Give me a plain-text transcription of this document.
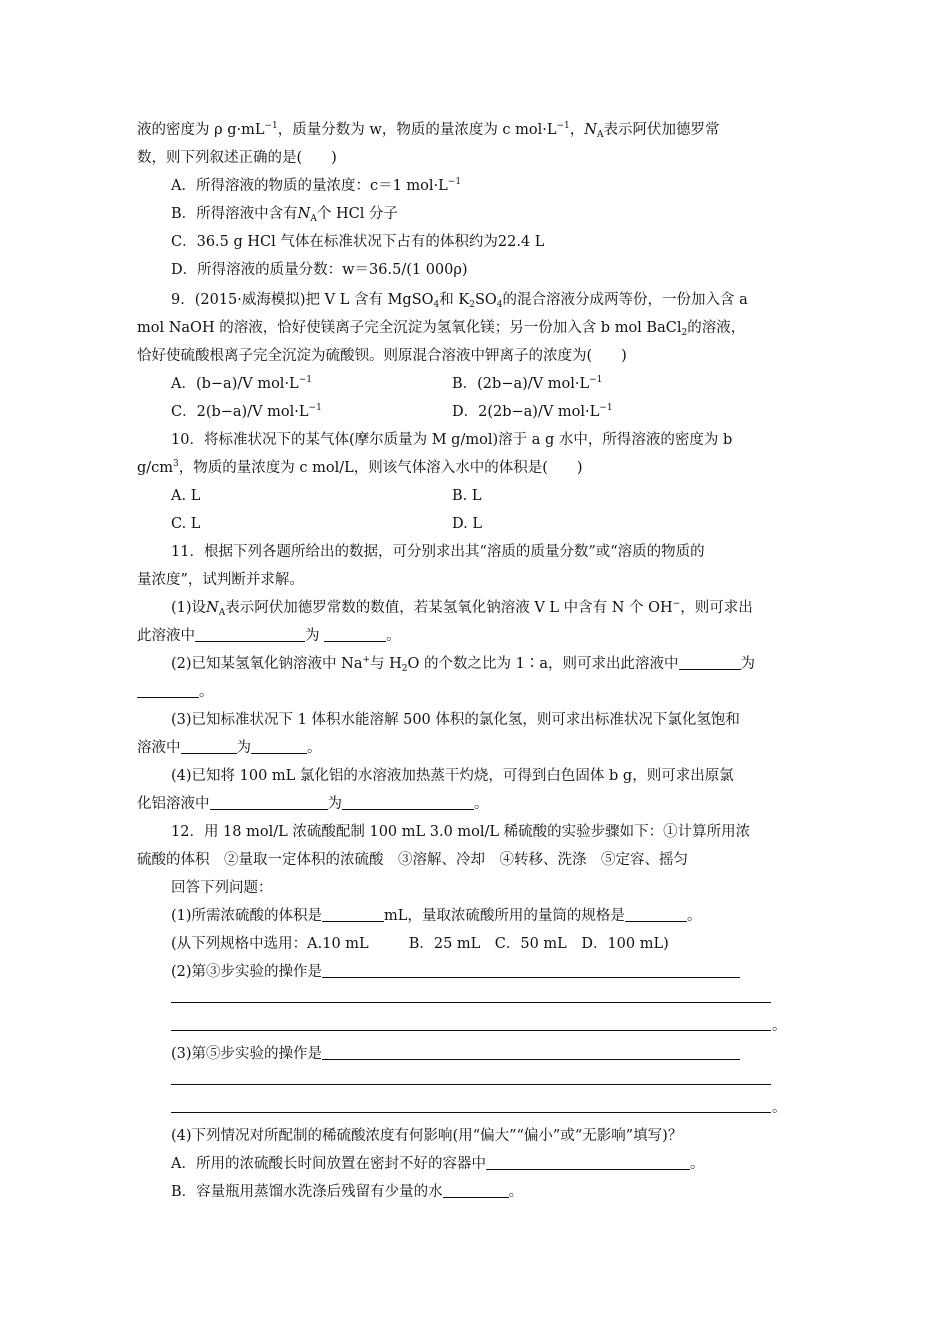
液的密度为 ρ $g\cdot mL^{-1}$，质量分数为 w，物质的量浓度为 c $mol\cdot L^{-1}$，$N_A$表示阿伏加德罗常
数，则下列叙述正确的是(　　)
A．所得溶液的物质的量浓度：c＝1 $mol\cdot L^{-1}$
B．所得溶液中含有$N_A$个 HCl 分子
C．36.5 g HCl 气体在标准状况下占有的体积约为22.4 L
D．所得溶液的质量分数：w＝36.5/(1 000ρ)
9．(2015·威海模拟)把 V L 含有 MgSO$_4$和 $K_2SO_4$的混合溶液分成两等份，一份加入含 a
mol NaOH 的溶液，恰好使镁离子完全沉淀为氢氧化镁；另一份加入含 b mol BaCl$_2$的溶液，
恰好使硫酸根离子完全沉淀为硫酸钡。则原混合溶液中钾离子的浓度为(　　)
A．(b−a)/V $mol\cdot L^{-1}$	B．(2b−a)/V $mol\cdot L^{-1}$
C．2(b−a)/V $mol\cdot L^{-1}$	D．2(2b−a)/V $mol\cdot L^{-1}$
10．将标准状况下的某气体(摩尔质量为 M g/mol)溶于 a g 水中，所得溶液的密度为 b
$g/cm^3$，物质的量浓度为 c mol/L，则该气体溶入水中的体积是(　　)
A. L	B. L
C. L	D. L
11．根据下列各题所给出的数据，可分别求出其“溶质的质量分数”或“溶质的物质的
量浓度”，试判断并求解。
(1)设$N_A$表示阿伏加德罗常数的数值，若某氢氧化钠溶液 V L 中含有 N 个 OH−，则可求出
此溶液中	为	。
(2)已知某氢氧化钠溶液中 Na+与 $H_2O$ 的个数之比为 1∶a，则可求出此溶液中	为
。
(3)已知标准状况下 1 体积水能溶解 500 体积的氯化氢，则可求出标准状况下氯化氢饱和
溶液中	为	。
(4)已知将 100 mL 氯化铝的水溶液加热蒸干灼烧，可得到白色固体 b g，则可求出原氯
化铝溶液中	为	。
12．用 18 mol/L 浓硫酸配制 100 mL 3.0 mol/L 稀硫酸的实验步骤如下：①计算所用浓
硫酸的体积　②量取一定体积的浓硫酸　③溶解、冷却　④转移、洗涤　⑤定容、摇匀
回答下列问题：
(1)所需浓硫酸的体积是	mL，量取浓硫酸所用的量筒的规格是	。
(从下列规格中选用：A.10 mL	B．25 mL　C．50 mL　D．100 mL)
(2)第③步实验的操作是
。
(3)第⑤步实验的操作是
。
(4)下列情况对所配制的稀硫酸浓度有何影响(用“偏大”“偏小”或“无影响”填写)？
A．所用的浓硫酸长时间放置在密封不好的容器中	。
B．容量瓶用蒸馏水洗涤后残留有少量的水	。
